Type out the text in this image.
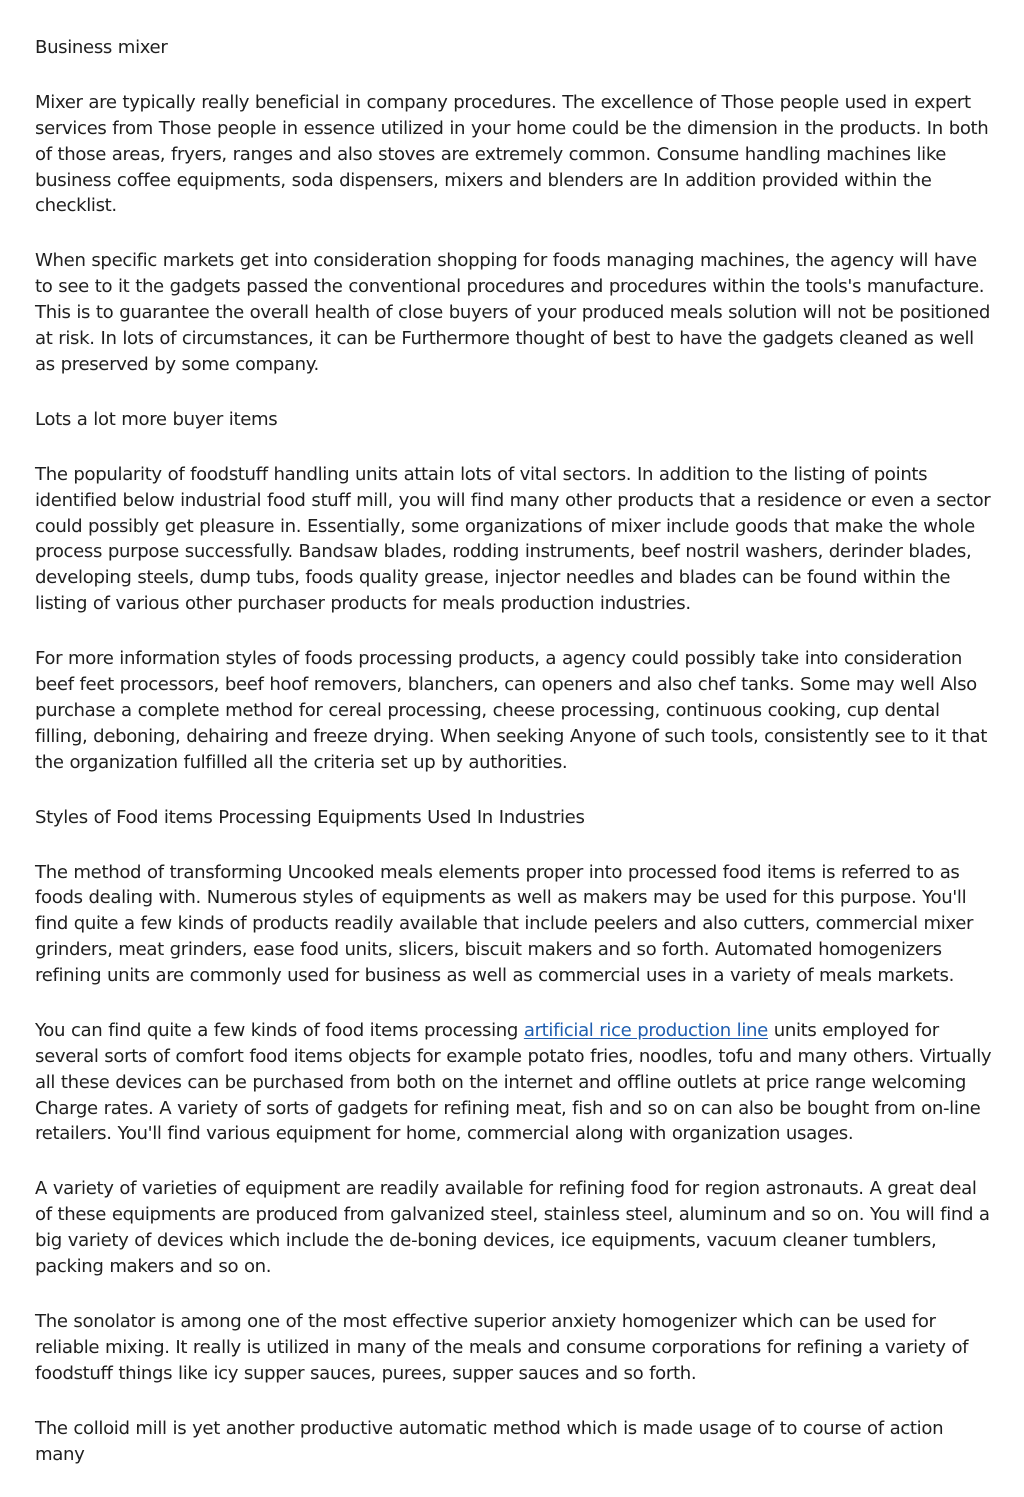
Business mixer

Mixer are typically really beneficial in company procedures. The excellence of Those people used in expert services from Those people in essence utilized in your home could be the dimension in the products. In both of those areas, fryers, ranges and also stoves are extremely common. Consume handling machines like business coffee equipments, soda dispensers, mixers and blenders are In addition provided within the checklist.

When specific markets get into consideration shopping for foods managing machines, the agency will have to see to it the gadgets passed the conventional procedures and procedures within the tools's manufacture. This is to guarantee the overall health of close buyers of your produced meals solution will not be positioned at risk. In lots of circumstances, it can be Furthermore thought of best to have the gadgets cleaned as well as preserved by some company.

Lots a lot more buyer items

The popularity of foodstuff handling units attain lots of vital sectors. In addition to the listing of points identified below industrial food stuff mill, you will find many other products that a residence or even a sector could possibly get pleasure in. Essentially, some organizations of mixer include goods that make the whole process purpose successfully. Bandsaw blades, rodding instruments, beef nostril washers, derinder blades, developing steels, dump tubs, foods quality grease, injector needles and blades can be found within the listing of various other purchaser products for meals production industries.

For more information styles of foods processing products, a agency could possibly take into consideration beef feet processors, beef hoof removers, blanchers, can openers and also chef tanks. Some may well Also purchase a complete method for cereal processing, cheese processing, continuous cooking, cup dental filling, deboning, dehairing and freeze drying. When seeking Anyone of such tools, consistently see to it that the organization fulfilled all the criteria set up by authorities.

Styles of Food items Processing Equipments Used In Industries

The method of transforming Uncooked meals elements proper into processed food items is referred to as foods dealing with. Numerous styles of equipments as well as makers may be used for this purpose. You'll find quite a few kinds of products readily available that include peelers and also cutters, commercial mixer grinders, meat grinders, ease food units, slicers, biscuit makers and so forth. Automated homogenizers refining units are commonly used for business as well as commercial uses in a variety of meals markets.

You can find quite a few kinds of food items processing artificial rice production line units employed for several sorts of comfort food items objects for example potato fries, noodles, tofu and many others. Virtually all these devices can be purchased from both on the internet and offline outlets at price range welcoming Charge rates. A variety of sorts of gadgets for refining meat, fish and so on can also be bought from on-line retailers. You'll find various equipment for home, commercial along with organization usages.

A variety of varieties of equipment are readily available for refining food for region astronauts. A great deal of these equipments are produced from galvanized steel, stainless steel, aluminum and so on. You will find a big variety of devices which include the de-boning devices, ice equipments, vacuum cleaner tumblers, packing makers and so on.

The sonolator is among one of the most effective superior anxiety homogenizer which can be used for reliable mixing. It really is utilized in many of the meals and consume corporations for refining a variety of foodstuff things like icy supper sauces, purees, supper sauces and so forth.

The colloid mill is yet another productive automatic method which is made usage of to course of action many
